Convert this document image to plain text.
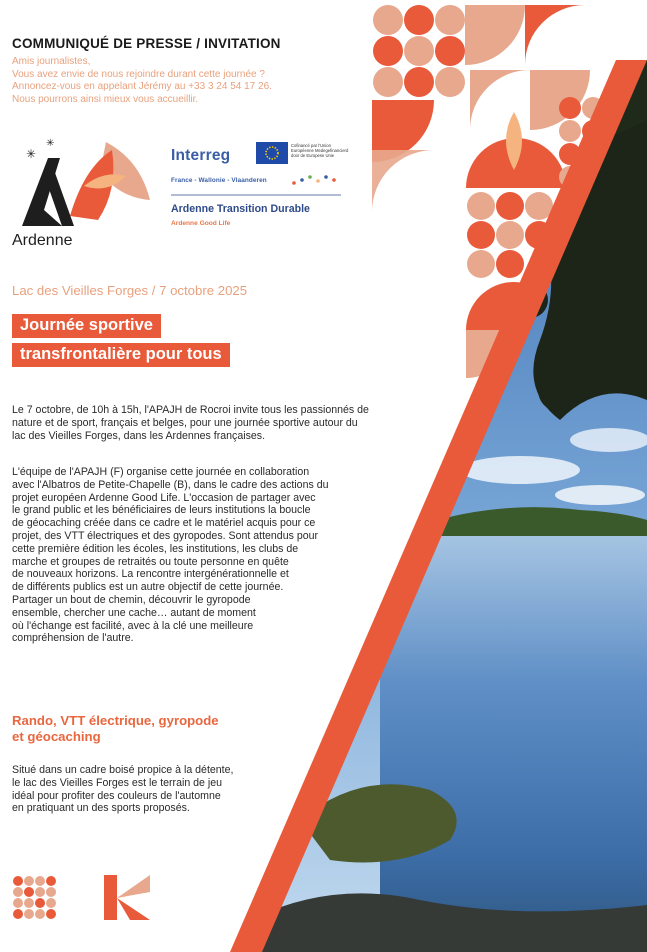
✳
✳
✳
COMMUNIQUÉ DE PRESSE / INVITATION
Amis journalistes,
Vous avez envie de nous rejoindre durant cette journée ?
Annoncez-vous en appelant Jérémy au +33 3 24 54 17 26.
Nous pourrons ainsi mieux vous accueillir.
Ardenne
Interreg
Cofinancé par l'Union Européenne Medegefinancierd door de Europese Unie
France - Wallonie - Vlaanderen
Ardenne Transition Durable
Ardenne Good Life
Lac des Vieilles Forges / 7 octobre 2025
Journée sportive
transfrontalière pour tous
Le 7 octobre, de 10h à 15h, l'APAJH de Rocroi invite tous les passionnés de
nature et de sport, français et belges, pour une journée sportive autour du
lac des Vieilles Forges, dans les Ardennes françaises.
L'équipe de l'APAJH (F) organise cette journée en collaboration
avec l'Albatros de Petite-Chapelle (B), dans le cadre des actions du
projet européen Ardenne Good Life. L'occasion de partager avec
le grand public et les bénéficiaires de leurs institutions la boucle
de géocaching créée dans ce cadre et le matériel acquis pour ce
projet, des VTT électriques et des gyropodes. Sont attendus pour
cette première édition les écoles, les institutions, les clubs de
marche et groupes de retraités ou toute personne en quête
de nouveaux horizons. La rencontre intergénérationnelle et
de différents publics est un autre objectif de cette journée.
Partager un bout de chemin, découvrir le gyropode
ensemble, chercher une cache… autant de moment
où l'échange est facilité, avec à la clé une meilleure
compréhension de l'autre.
Rando, VTT électrique, gyropode
et géocaching
Situé dans un cadre boisé propice à la détente,
le lac des Vieilles Forges est le terrain de jeu
idéal pour profiter des couleurs de l'automne
en pratiquant un des sports proposés.
